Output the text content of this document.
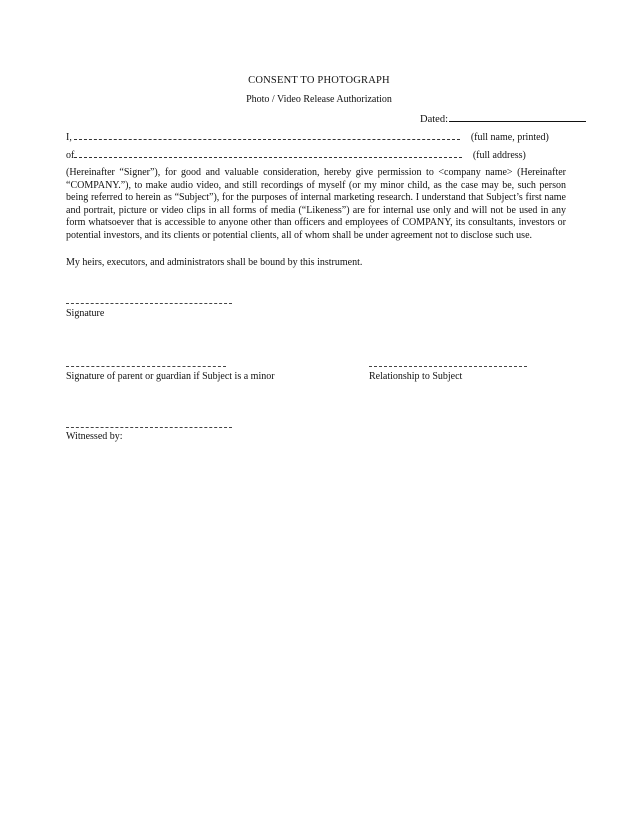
CONSENT TO PHOTOGRAPH
Photo / Video Release Authorization
Dated:
I,	(full name, printed)
of	(full address)
(Hereinafter “Signer”), for good and valuable consideration, hereby give permission to <company name> (Hereinafter “COMPANY.”), to make audio video, and still recordings of myself (or my minor child, as the case may be, such person being referred to herein as “Subject”), for the purposes of internal marketing research. I understand that Subject’s first name and portrait, picture or video clips in all forms of media (“Likeness”) are for internal use only and will not be used in any form whatsoever that is accessible to anyone other than officers and employees of COMPANY, its consultants, investors or potential investors, and its clients or potential clients, all of whom shall be under agreement not to disclose such use.
My heirs, executors, and administrators shall be bound by this instrument.
Signature
Signature of parent or guardian if Subject is a minor	Relationship to Subject
Witnessed by:
